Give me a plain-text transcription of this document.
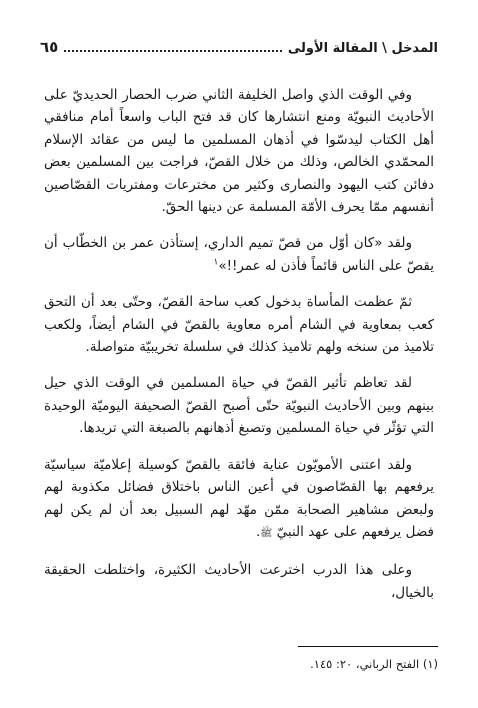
المدخل \ المقالة الأولى
٦٥

وفي الوقت الذي واصل الخليفة الثاني ضرب الحصار الحديديّ على الأحاديث النبويّة ومنع انتشارها كان قد فتح الباب واسعاً أمام منافقي أهل الكتاب ليدسّوا في أذهان المسلمين ما ليس من عقائد الإسلام المحمّدي الخالص، وذلك من خلال القصّ، فراجت بين المسلمين بعض دفائن كتب اليهود والنصارى وكثير من مخترعات ومفتريات القصّاصين أنفسهم ممّا يحرف الأمّة المسلمة عن دينها الحقّ.

ولقد «كان أوّل من قصّ تميم الداري، إستأذن عمر بن الخطّاب أن يقصّ على الناس قائماً فأذن له عمر!!»$^١$

ثمّ عظمت المأساة بدخول كعب ساحة القصّ، وحتّى بعد أن التحق كعب بمعاوية في الشام أمره معاوية بالقصّ في الشام أيضاً، ولكعب تلاميذ من سنخه ولهم تلاميذ كذلك في سلسلة تخريبيّة متواصلة.

لقد تعاظم تأثير القصّ في حياة المسلمين في الوقت الذي حيل بينهم وبين الأحاديث النبويّة حتّى أصبح القصّ الصحيفة اليوميّة الوحيدة التي تؤثّر في حياة المسلمين وتصبغ أذهانهم بالصبغة التي تريدها.

ولقد اعتنى الأمويّون عناية فائقة بالقصّ كوسيلة إعلاميّة سياسيّة يرفعهم بها القصّاصون في أعين الناس باختلاق فضائل مكذوبة لهم ولبعض مشاهير الصحابة ممّن مهّد لهم السبيل بعد أن لم يكن لهم فضل يرفعهم على عهد النبيّ ﷺ.

وعلى هذا الدرب اخترعت الأحاديث الكثيرة، واختلطت الحقيقة بالخيال،

(١) الفتح الرباني، ٢٠: ١٤٥.
